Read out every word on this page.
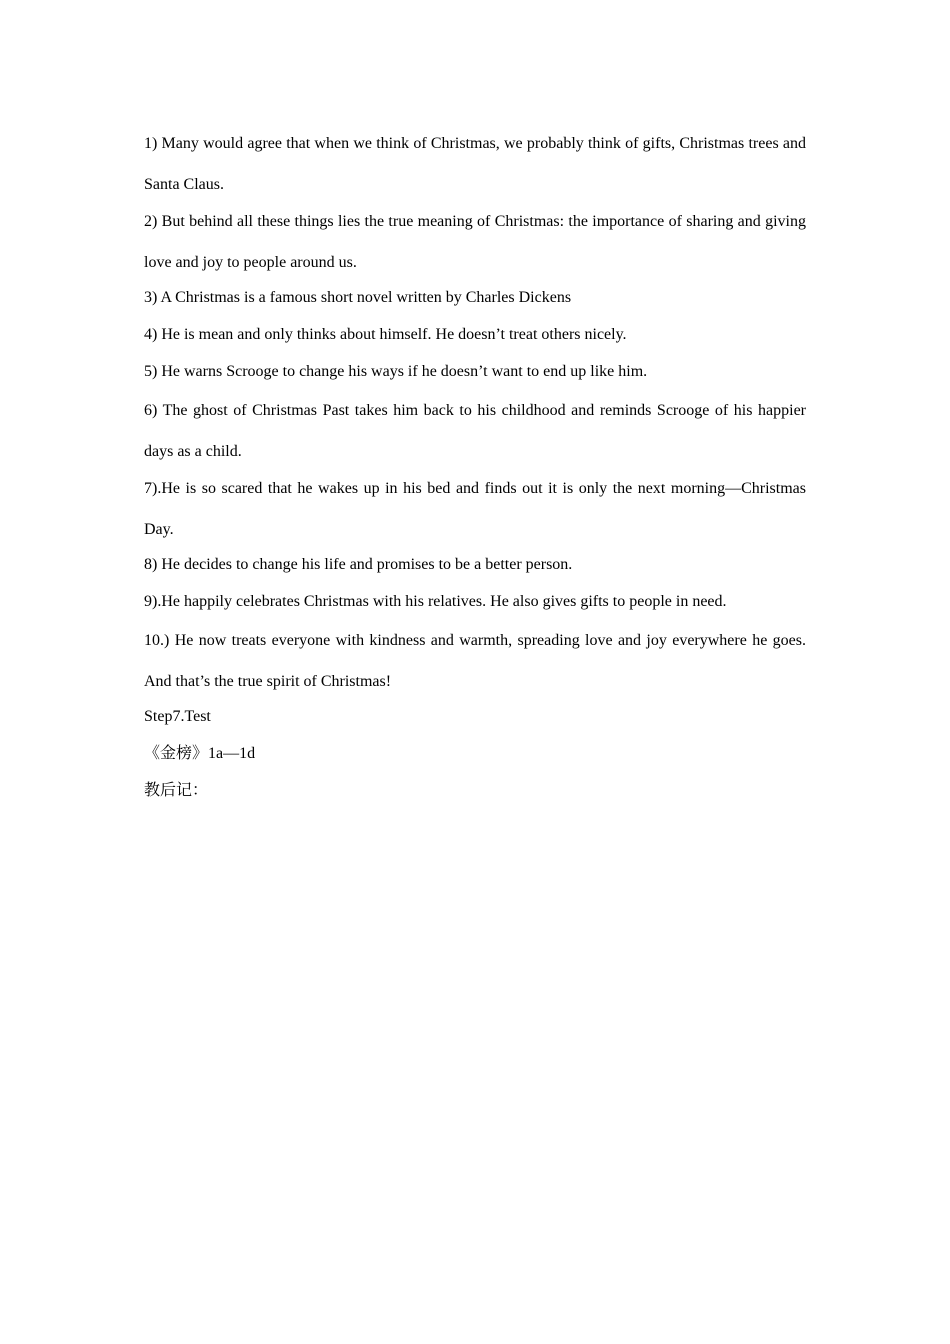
1) Many would agree that when we think of Christmas, we probably think of gifts, Christmas trees and Santa Claus.

2) But behind all these things lies the true meaning of Christmas: the importance of sharing and giving love and joy to people around us.

3) A Christmas is a famous short novel written by Charles Dickens

4) He is mean and only thinks about himself. He doesn’t treat others nicely.

5) He warns Scrooge to change his ways if he doesn’t want to end up like him.

6) The ghost of Christmas Past takes him back to his childhood and reminds Scrooge of his happier days as a child.

7).He is so scared that he wakes up in his bed and finds out it is only the next morning—Christmas Day.

8) He decides to change his life and promises to be a better person.

9).He happily celebrates Christmas with his relatives. He also gives gifts to people in need.

10.) He now treats everyone with kindness and warmth, spreading love and joy everywhere he goes. And that’s the true spirit of Christmas!

Step7.Test

《金榜》1a—1d

教后记：
